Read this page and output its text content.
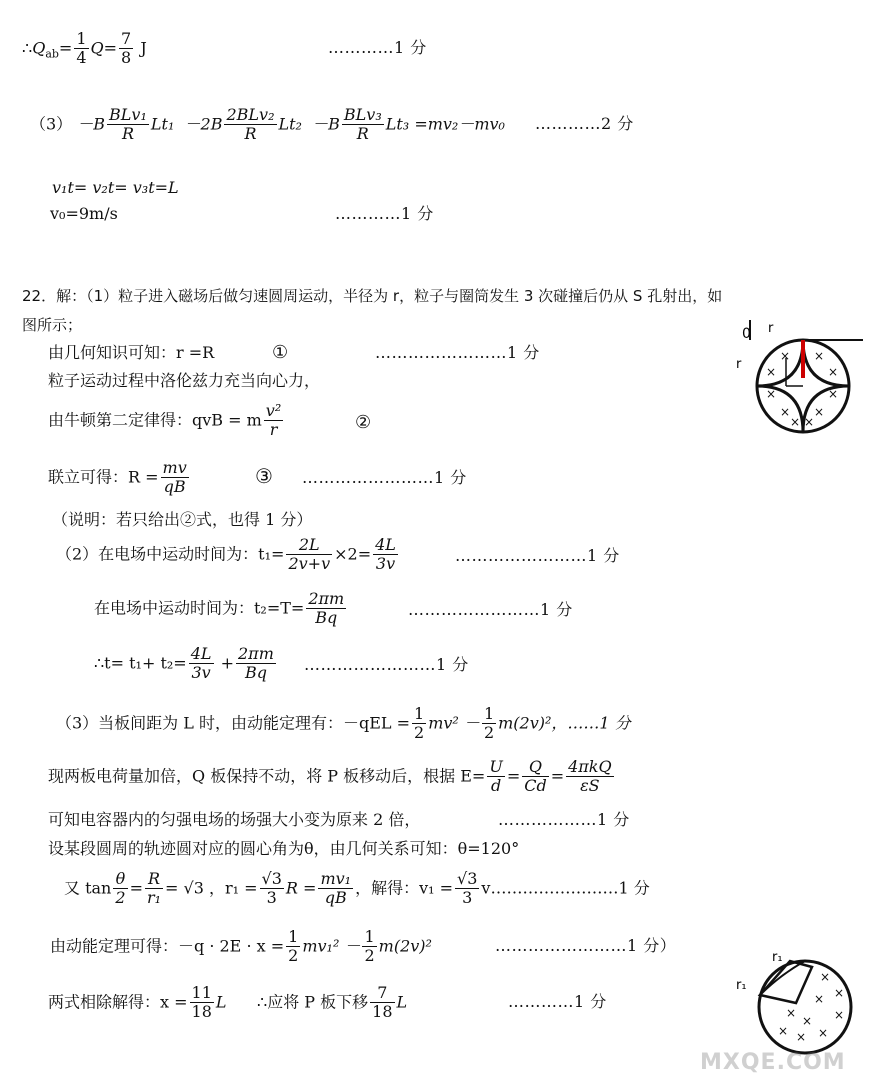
$\therefore Q_{ab}= \frac{1}{4} Q= \frac{7}{8}$ J	…………1 分
$(3) -B \frac{\text{BLv₁}}{R} Lt_1 -2B \frac{\text{2BLv₂}}{R} Lt_2 -B \frac{\text{BLv₃}}{R} Lt_3 =mv_2-mv_0$ …………2 分
v₁t= v₂t= v₃t=L
v₀=9m/s	…………1 分
22．解：（1）粒子进入磁场后做匀速圆周运动，半径为 r，粒子与圈筒发生 3 次碰撞后仍从 S 孔射出，如
图所示；
由几何知识可知：r =R	①	……………………1 分
粒子运动过程中洛伦兹力充当向心力，
由牛顿第二定律得：qvB = m $\frac{\text{v²}}{r}$	②
联立可得：$R = \frac{mv}{qB}$	③ ……………………1 分
（说明：若只给出②式，也得 1 分）
（2）在电场中运动时间为：$t_1= \frac{2L}{2v+v} \times 2= \frac{4L}{3v}$	……………………1 分
在电场中运动时间为：$t_2=T= \frac{2\pi m}{Bq}$	……………………1 分
∴t= $t_1+ t_2= \frac{4L}{3v} + \frac{2\pi m}{Bq}$ ……………………1 分
（3）当板间距为 L 时，由动能定理有：$-qEL = \frac{1}{2} mv^2 - \frac{1}{2} m(2v)^2$，……1 分
现两板电荷量加倍，Q 板保持不动，将 P 板移动后，根据 $E= \frac{U}{d} = \frac{Q}{Cd} = \frac{\text{4πkQ}}{\varepsilon S}$
可知电容器内的匀强电场的场强大小变为原来 2 倍，	………………1 分
设某段圆周的轨迹圆对应的圆心角为θ，由几何关系可知：θ=120°
又 $\tan \frac{\theta}{2} = \frac{R}{\text{r₁}} = √3$ ，$r_1 = \frac{√3}{3}$ $R = \frac{\text{mv₁}}{qB}$ ，解得：$v_1 = \frac{√3}{3}$ v……………………1 分
由动能定理可得：$-q \cdot 2E \cdot x = \frac{1}{2} mv_1^2 - \frac{1}{2} m(2v)^2$	……………………1 分）
两式相除解得：$x = \frac{11}{18}$ L ∴应将 P 板下移 $\frac{7}{18}$ L	…………1 分
0 r
r
× ×
×	×
×	×
× ×
× ×
r₁
r₁
×
×
×
×
×
×
× × ×
MXQE.COM
